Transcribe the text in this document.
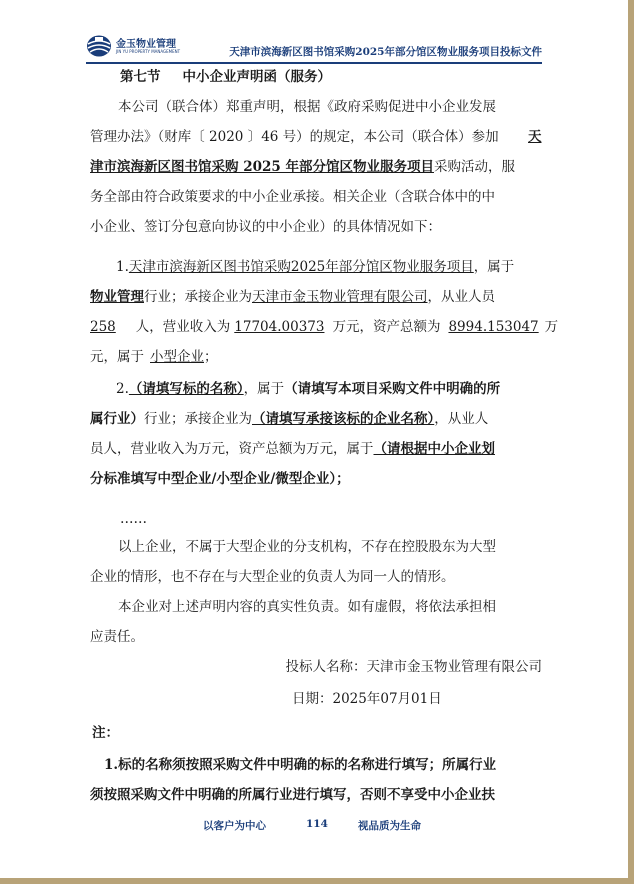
金玉物业管理
JIN YU PROPERTY MANAGEMENT	天津市滨海新区图书馆采购2025年部分馆区物业服务项目投标文件
第七节 中小企业声明函（服务）
本公司（联合体）郑重声明，根据《政府采购促进中小企业发展
管理办法》（财库〔 2020 〕46 号）的规定，本公司（联合体）参加	天
津市滨海新区图书馆采购 2025 年部分馆区物业服务项目采购活动，服
务全部由符合政策要求的中小企业承接。相关企业（含联合体中的中
小企业、签订分包意向协议的中小企业）的具体情况如下：
1.天津市滨海新区图书馆采购2025年部分馆区物业服务项目，属于
物业管理行业；承接企业为天津市金玉物业管理有限公司，从业人员
258 人，营业收入为 17704.00373 万元，资产总额为 8994.153047 万
元，属于 小型企业；
2.（请填写标的名称），属于（请填写本项目采购文件中明确的所
属行业）行业；承接企业为（请填写承接该标的企业名称），从业人
员人，营业收入为万元，资产总额为万元，属于（请根据中小企业划
分标准填写中型企业/小型企业/微型企业）；
……
以上企业，不属于大型企业的分支机构，不存在控股股东为大型
企业的情形，也不存在与大型企业的负责人为同一人的情形。
本企业对上述声明内容的真实性负责。如有虚假，将依法承担相
应责任。
投标人名称：天津市金玉物业管理有限公司
日期：2025年07月01日
注：
1.标的名称须按照采购文件中明确的标的名称进行填写；所属行业
须按照采购文件中明确的所属行业进行填写，否则不享受中小企业扶
以客户为中心	114	视品质为生命
